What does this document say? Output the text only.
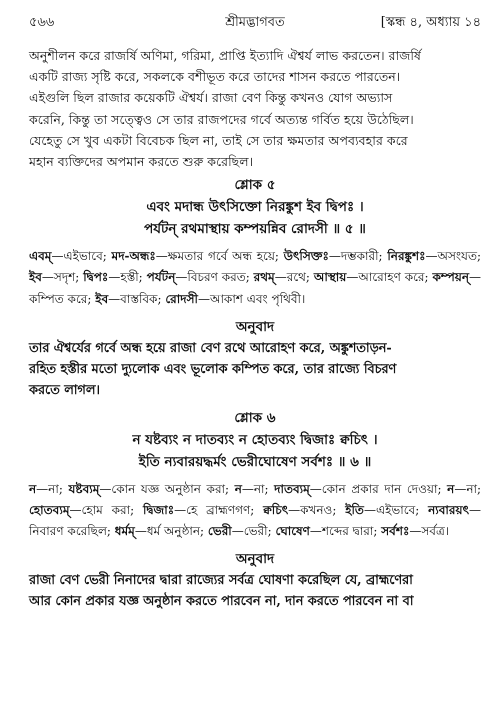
৫৬৬	শ্রীমদ্ভাগবত	[স্কন্ধ ৪, অধ্যায় ১৪
অনুশীলন করে রাজর্ষি অণিমা, গরিমা, প্রাপ্তি ইত্যাদি ঐশ্বর্য লাভ করতেন। রাজর্ষি
একটি রাজ্য সৃষ্টি করে, সকলকে বশীভূত করে তাদের শাসন করতে পারতেন।
এইগুলি ছিল রাজার কয়েকটি ঐশ্বর্য। রাজা বেণ কিন্তু কখনও যোগ অভ্যাস
করেনি, কিন্তু তা সত্ত্বেও সে তার রাজপদের গর্বে অত্যন্ত গর্বিত হয়ে উঠেছিল।
যেহেতু সে খুব একটা বিবেচক ছিল না, তাই সে তার ক্ষমতার অপব্যবহার করে
মহান ব্যক্তিদের অপমান করতে শুরু করেছিল।
শ্লোক ৫
এবং মদান্ধ উৎসিক্তো নিরঙ্কুশ ইব দ্বিপঃ ।
পর্যটন্ রথমাস্থায় কম্পয়ন্নিব রোদসী ॥ ৫ ॥
এবম্—এইভাবে; মদ-অন্ধঃ—ক্ষমতার গর্বে অন্ধ হয়ে; উৎসিক্তঃ—দম্ভকারী; নিরঙ্কুশঃ—অসংযত; ইব—সদৃশ; দ্বিপঃ—হস্তী; পর্যটন্—বিচরণ করত; রথম্—রথে; আস্থায়—আরোহণ করে; কম্পয়ন্—কম্পিত করে; ইব—বাস্তবিক; রোদসী—আকাশ এবং পৃথিবী।
অনুবাদ
তার ঐশ্বর্যের গর্বে অন্ধ হয়ে রাজা বেণ রথে আরোহণ করে, অঙ্কুশতাড়ন-
রহিত হস্তীর মতো দ্যুলোক এবং ভূলোক কম্পিত করে, তার রাজ্যে বিচরণ
করতে লাগল।
শ্লোক ৬
ন যষ্টব্যং ন দাতব্যং ন হোতব্যং দ্বিজাঃ ক্বচিৎ ।
ইতি ন্যবারয়দ্ধর্মং ভেরীঘোষেণ সর্বশঃ ॥ ৬ ॥
ন—না; যষ্টব্যম্—কোন যজ্ঞ অনুষ্ঠান করা; ন—না; দাতব্যম্—কোন প্রকার দান দেওয়া; ন—না; হোতব্যম্—হোম করা; দ্বিজাঃ—হে ব্রাহ্মণগণ; ক্বচিৎ—কখনও; ইতি—এইভাবে; ন্যবারয়ৎ—নিবারণ করেছিল; ধর্মম্—ধর্ম অনুষ্ঠান; ভেরী—ভেরী; ঘোষেণ—শব্দের দ্বারা; সর্বশঃ—সর্বত্র।
অনুবাদ
রাজা বেণ ভেরী নিনাদের দ্বারা রাজ্যের সর্বত্র ঘোষণা করেছিল যে, ব্রাহ্মণেরা
আর কোন প্রকার যজ্ঞ অনুষ্ঠান করতে পারবেন না, দান করতে পারবেন না বা
